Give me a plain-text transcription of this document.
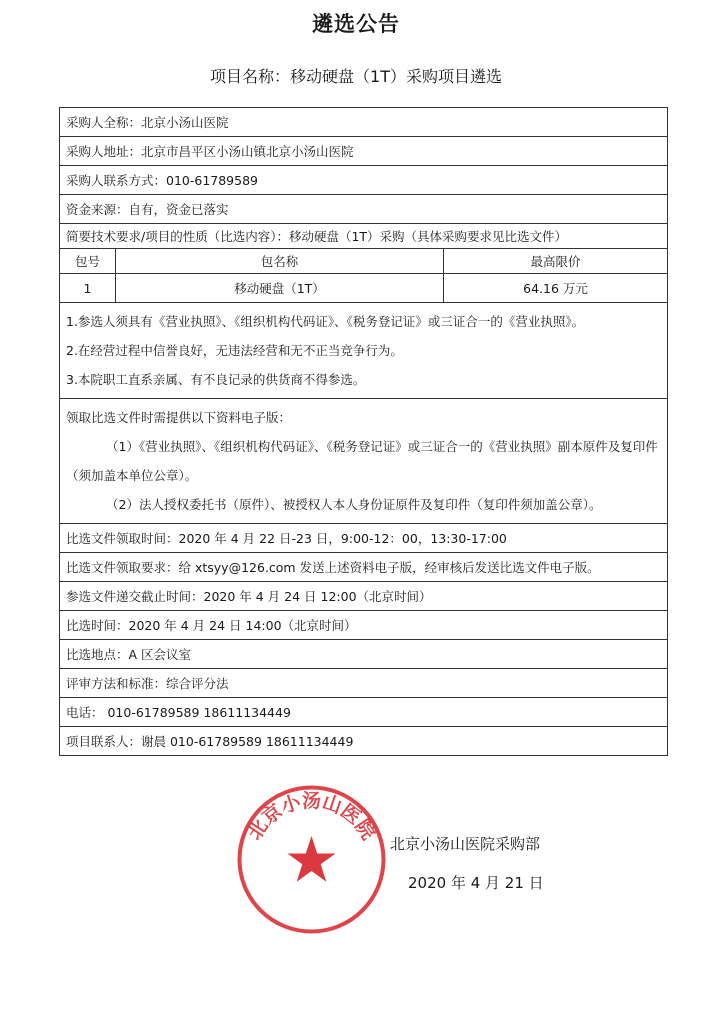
遴选公告
项目名称：移动硬盘（1T）采购项目遴选
采购人全称：北京小汤山医院		
采购人地址：北京市昌平区小汤山镇北京小汤山医院		
采购人联系方式：010-61789589		
资金来源：自有，资金已落实		
简要技术要求/项目的性质（比选内容）：移动硬盘（1T）采购（具体采购要求见比选文件）		
包号	包名称	最高限价
1	移动硬盘（1T）	64.16 万元

1.参选人须具有《营业执照》、《组织机构代码证》、《税务登记证》或三证合一的《营业执照》。
2.在经营过程中信誉良好，无违法经营和无不正当竞争行为。
3.本院职工直系亲属、有不良记录的供货商不得参选。		

领取比选文件时需提供以下资料电子版：
（1）《营业执照》、《组织机构代码证》、《税务登记证》或三证合一的《营业执照》副本原件及复印件（须加盖本单位公章）。
（2）法人授权委托书（原件）、被授权人本人身份证原件及复印件（复印件须加盖公章）。		

比选文件领取时间：2020 年 4 月 22 日-23 日，9:00-12：00，13:30-17:00		
比选文件领取要求：给 xtsyy@126.com 发送上述资料电子版，经审核后发送比选文件电子版。		
参选文件递交截止时间：2020 年 4 月 24 日 12:00（北京时间）		
比选时间：2020 年 4 月 24 日 14:00（北京时间）		
比选地点：A 区会议室		
评审方法和标准：综合评分法		
电话： 010-61789589 18611134449		
项目联系人：谢晨 010-61789589 18611134449		
北京小汤山医院
北京小汤山医院采购部
2020 年 4 月 21 日
